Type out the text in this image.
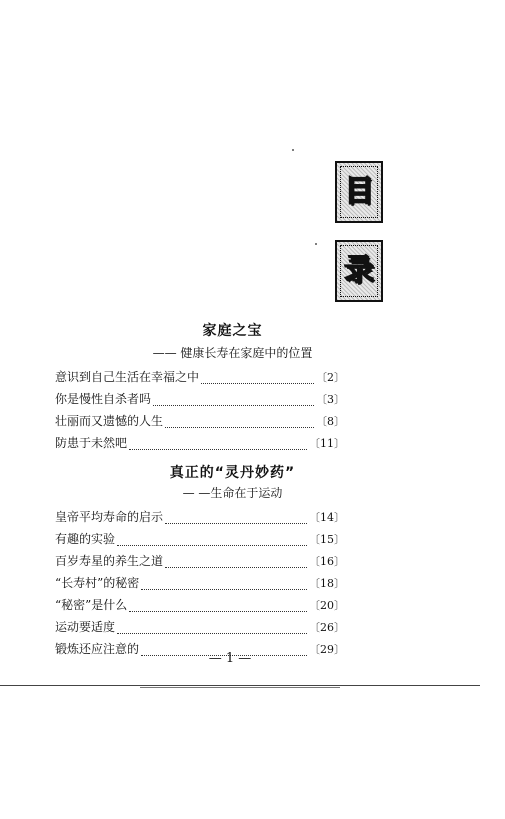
目
录
家庭之宝
—— 健康长寿在家庭中的位置
意识到自己生活在幸福之中	〔2〕
你是慢性自杀者吗	〔3〕
壮丽而又遗憾的人生	〔8〕
防患于未然吧	〔11〕
真正的“灵丹妙药”
— —生命在于运动
皇帝平均寿命的启示	〔14〕
有趣的实验	〔15〕
百岁寿星的养生之道	〔16〕
“长寿村”的秘密	〔18〕
“秘密”是什么	〔20〕
运动要适度	〔26〕
锻炼还应注意的	〔29〕
— 1 —
